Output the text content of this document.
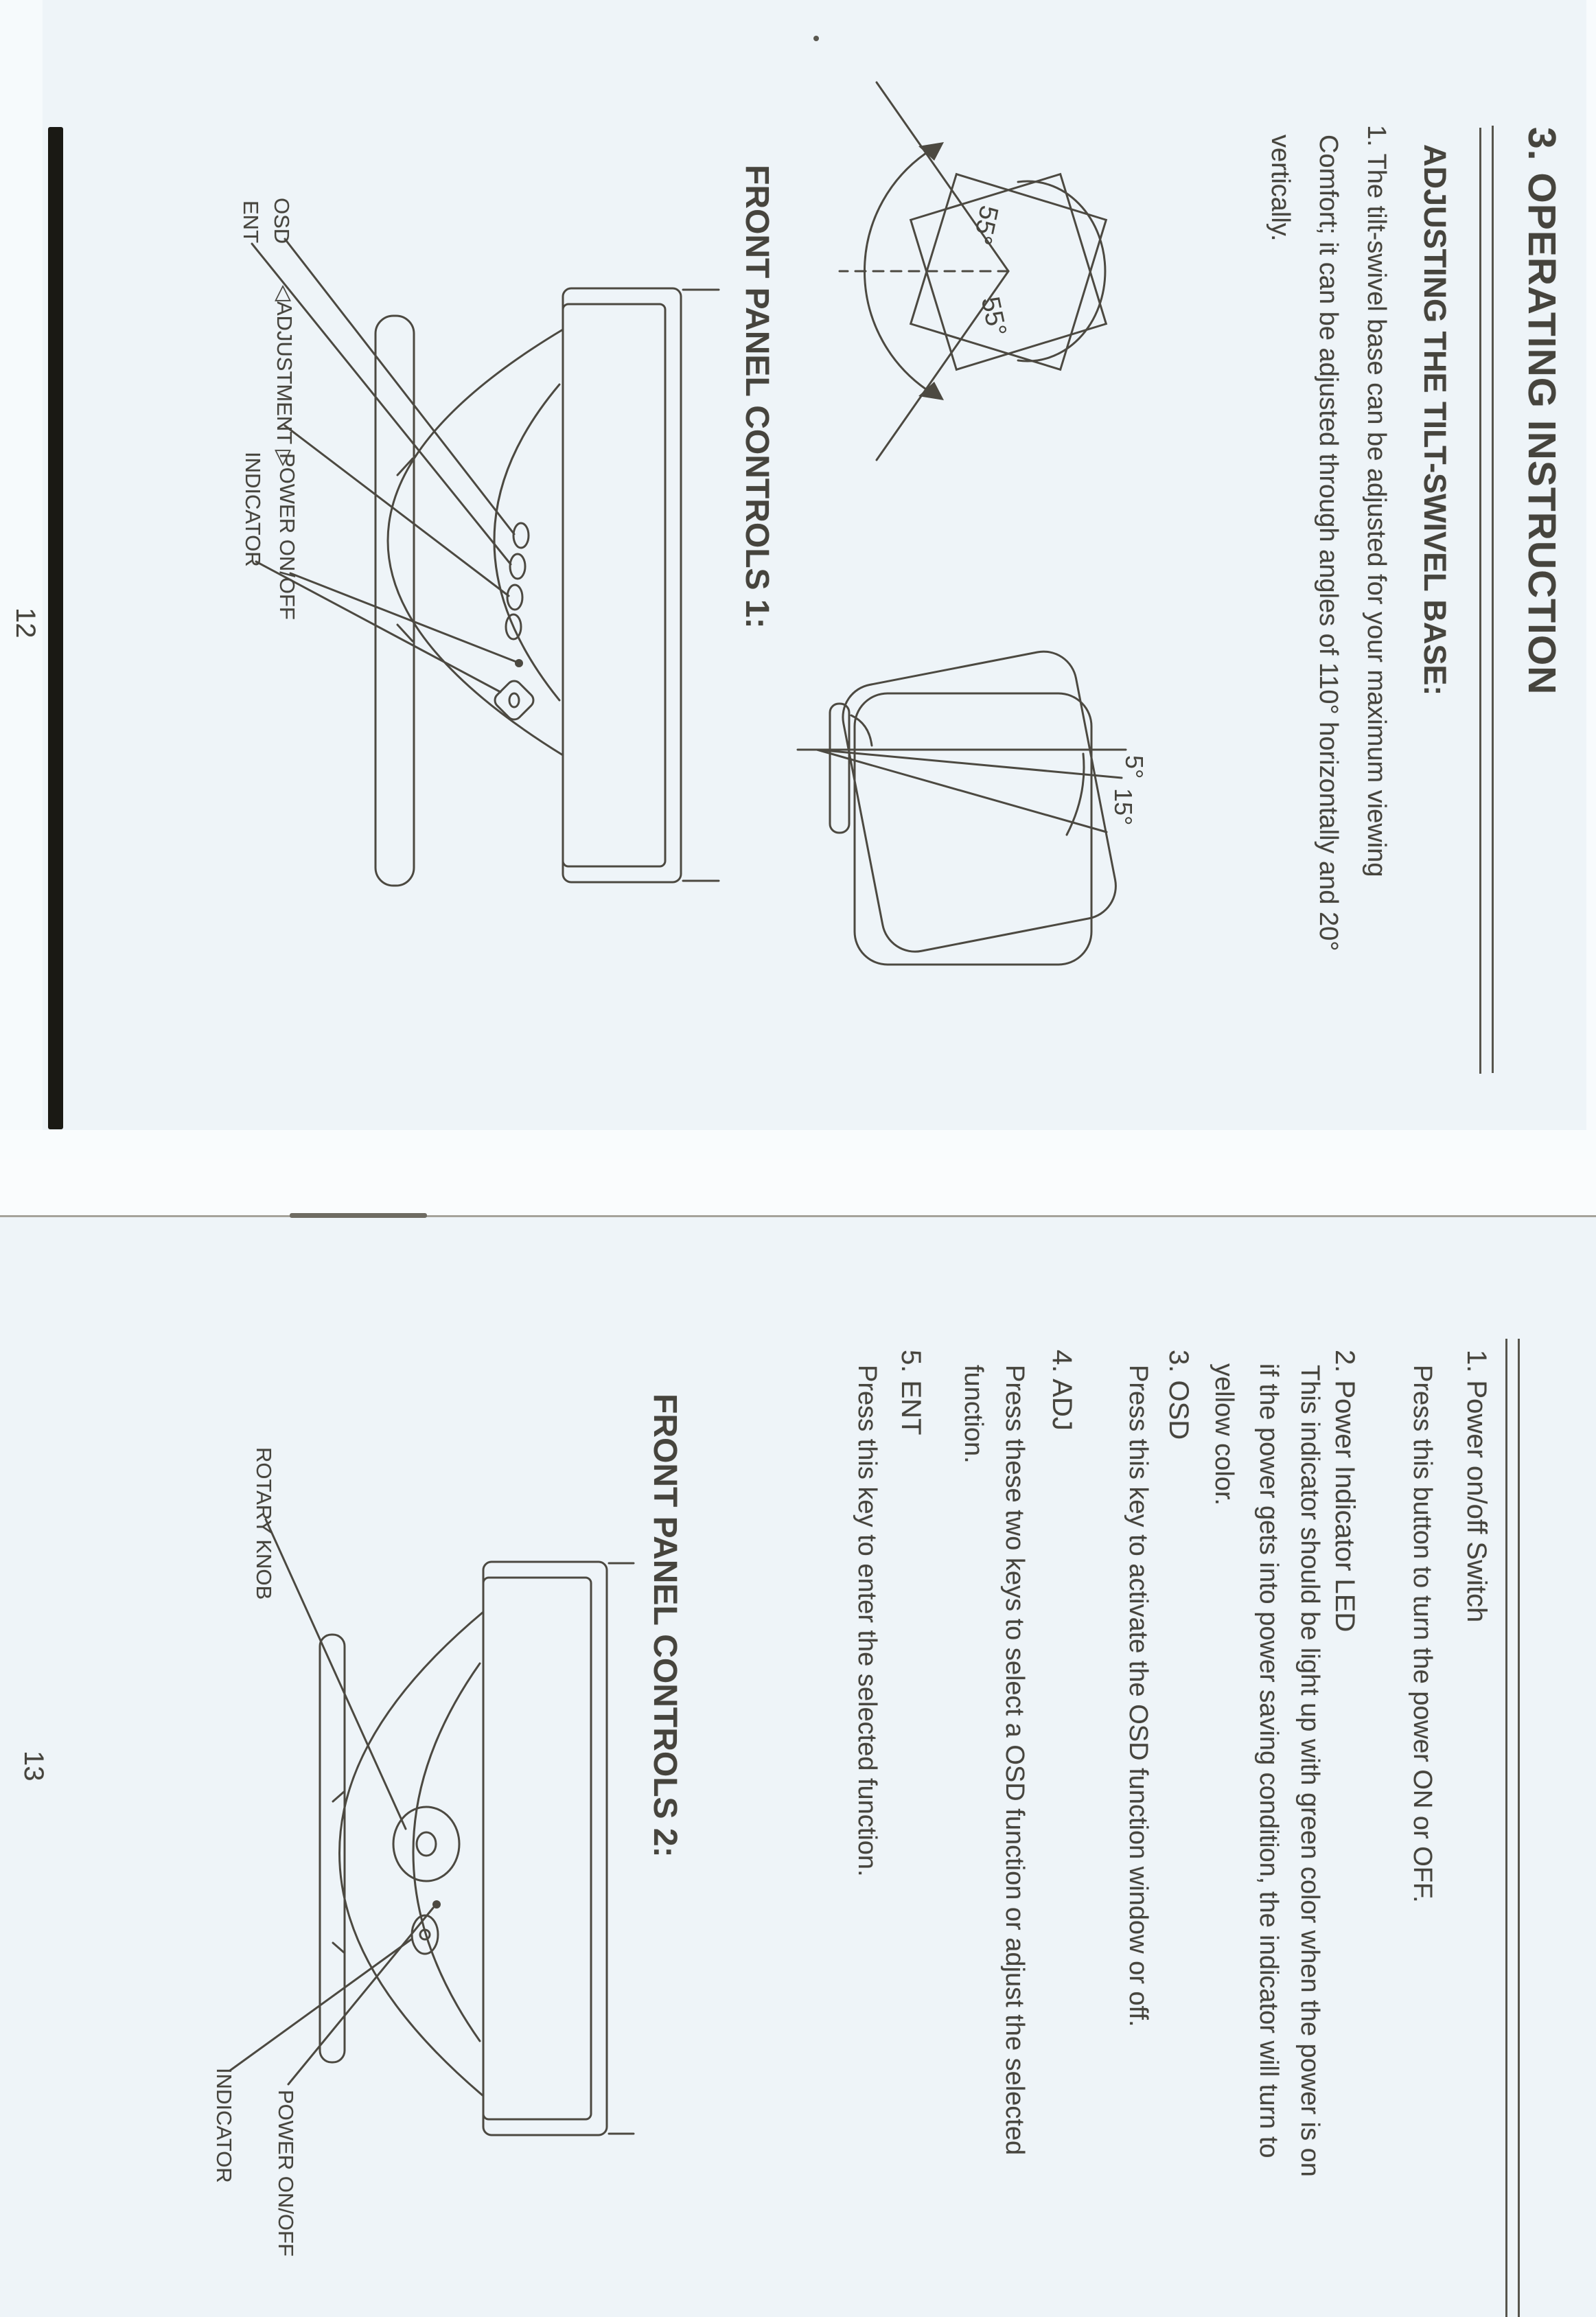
3. OPERATING INSTRUCTION
ADJUSTING THE TILT-SWIVEL BASE:
1. The tilt-swivel base can be adjusted for your maximum viewing
Comfort; it can be adjusted through angles of 110° horizontally and 20°
vertically.
55°
55°
5°
15°
FRONT PANEL CONTROLS 1:
OSD
◁ADJUSTMENT ▷
POWER ON/OFF
ENT
INDICATOR
12
1. Power on/off Switch
Press this button to turn the power ON or OFF.
2. Power Indicator LED
This indicator should be light up with green color when the power is on
if the power gets into power saving condition, the indicator will turn to
yellow color.
3. OSD
Press this key to activate the OSD function window or off.
4. ADJ
Press these two keys to select a OSD function or adjust the selected
function.
5. ENT
Press this key to enter the selected function.
FRONT PANEL CONTROLS 2:
ROTARY KNOB
POWER ON/OFF
INDICATOR
13
